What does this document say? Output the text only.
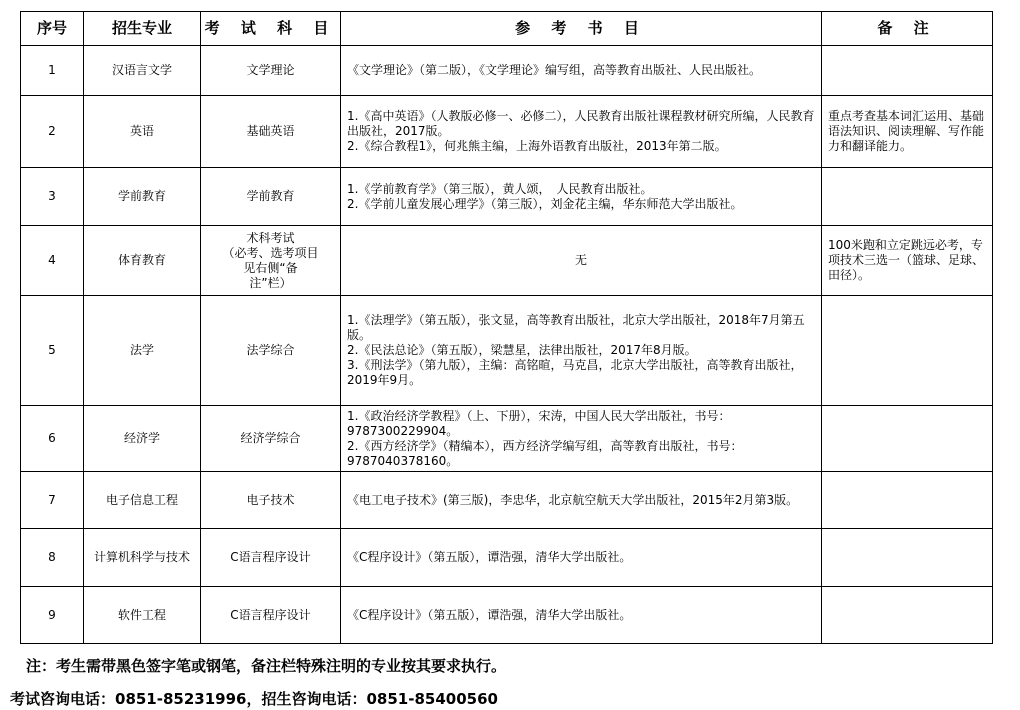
序号	招生专业	考 试 科 目	参 考 书 目	备 注
1	汉语言文学	文学理论	《文学理论》（第二版），《文学理论》编写组，高等教育出版社、人民出版社。	

2	英语	基础英语	1.《高中英语》（人教版必修一、必修二），人民教育出版社课程教材研究所编，人民教育出版社，2017版。
2.《综合教程1》，何兆熊主编，上海外语教育出版社，2013年第二版。	重点考查基本词汇运用、基础语法知识、阅读理解、写作能力和翻译能力。

3	学前教育	学前教育	1.《学前教育学》（第三版），黄人颂，　人民教育出版社。
2.《学前儿童发展心理学》（第三版），刘金花主编，华东师范大学出版社。	

4	体育教育	术科考试
（必考、选考项目
见右侧“备
注”栏）	无	100米跑和立定跳远必考，专项技术三选一（篮球、足球、田径）。

5	法学	法学综合	1.《法理学》（第五版），张文显，高等教育出版社，北京大学出版社，2018年7月第五版。
2.《民法总论》（第五版），梁慧星，法律出版社，2017年8月版。
3.《刑法学》（第九版），主编：高铭暄，马克昌，北京大学出版社，高等教育出版社，2019年9月。	

6	经济学	经济学综合	1.《政治经济学教程》（上、下册），宋涛，中国人民大学出版社，书号：9787300229904。
2.《西方经济学》（精编本），西方经济学编写组，高等教育出版社，书号：9787040378160。	

7	电子信息工程	电子技术	《电工电子技术》(第三版)，李忠华，北京航空航天大学出版社，2015年2月第3版。	

8	计算机科学与技术	C语言程序设计	《C程序设计》（第五版），谭浩强，清华大学出版社。	

9	软件工程	C语言程序设计	《C程序设计》（第五版），谭浩强，清华大学出版社。	

注：考生需带黑色签字笔或钢笔，备注栏特殊注明的专业按其要求执行。
考试咨询电话：0851-85231996，招生咨询电话：0851-85400560
